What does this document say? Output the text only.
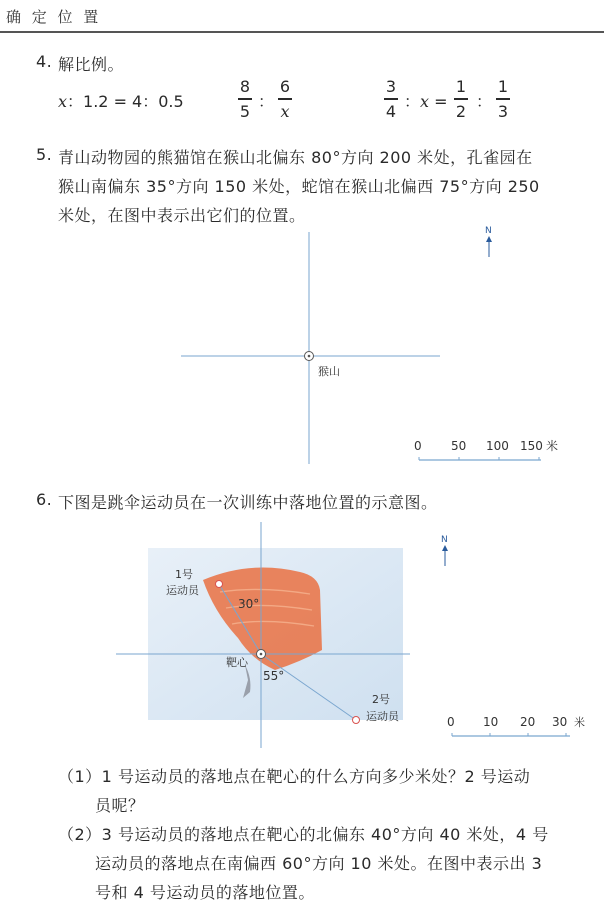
确 定 位 置
4. 解比例。
x：1.2 = 4：0.5
8
5 ：
6
x
3
4 ：x =
1
2 ：
1
3
5. 青山动物园的熊猫馆在猴山北偏东 80°方向 200 米处，孔雀园在
猴山南偏东 35°方向 150 米处，蛇馆在猴山北偏西 75°方向 250
米处，在图中表示出它们的位置。
猴山
N
0 50 100 150 米
6. 下图是跳伞运动员在一次训练中落地位置的示意图。
1号
运动员
2号
运动员
靶心
30°
55°
N
0 10 20 30 米
（1）1 号运动员的落地点在靶心的什么方向多少米处？2 号运动
员呢？
（2）3 号运动员的落地点在靶心的北偏东 40°方向 40 米处，4 号
运动员的落地点在南偏西 60°方向 10 米处。在图中表示出 3
号和 4 号运动员的落地位置。
